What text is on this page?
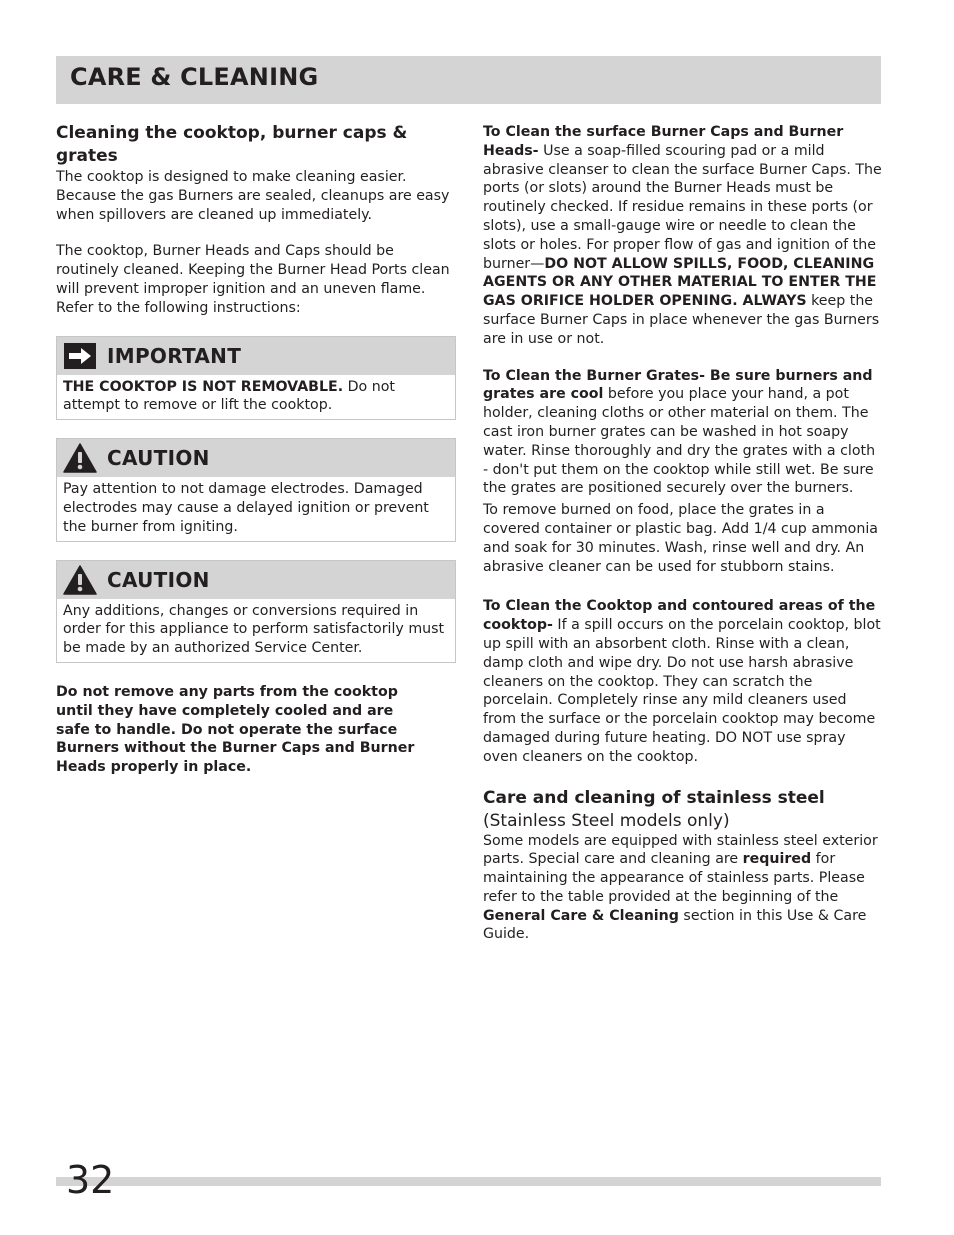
CARE & CLEANING
Cleaning the cooktop, burner caps & grates

The cooktop is designed to make cleaning easier. Because the gas Burners are sealed, cleanups are easy when spillovers are cleaned up immediately.

The cooktop, Burner Heads and Caps should be routinely cleaned. Keeping the Burner Head Ports clean will prevent improper ignition and an uneven flame. Refer to the following instructions:

IMPORTANT

THE COOKTOP IS NOT REMOVABLE. Do not attempt to remove or lift the cooktop.

CAUTION

Pay attention to not damage electrodes. Damaged electrodes may cause a delayed ignition or prevent the burner from igniting.

CAUTION

Any additions, changes or conversions required in order for this appliance to perform satisfactorily must be made by an authorized Service Center.

Do not remove any parts from the cooktop until they have completely cooled and are safe to handle. Do not operate the surface Burners without the Burner Caps and Burner Heads properly in place.

To Clean the surface Burner Caps and Burner Heads- Use a soap-filled scouring pad or a mild abrasive cleanser to clean the surface Burner Caps. The ports (or slots) around the Burner Heads must be routinely checked. If residue remains in these ports (or slots), use a small-gauge wire or needle to clean the slots or holes. For proper flow of gas and ignition of the burner—DO NOT ALLOW SPILLS, FOOD, CLEANING AGENTS OR ANY OTHER MATERIAL TO ENTER THE GAS ORIFICE HOLDER OPENING. ALWAYS keep the surface Burner Caps in place whenever the gas Burners are in use or not.

To Clean the Burner Grates- Be sure burners and grates are cool before you place your hand, a pot holder, cleaning cloths or other material on them. The cast iron burner grates can be washed in hot soapy water. Rinse thoroughly and dry the grates with a cloth - don't put them on the cooktop while still wet. Be sure the grates are positioned securely over the burners.

To remove burned on food, place the grates in a covered container or plastic bag. Add 1/4 cup ammonia and soak for 30 minutes. Wash, rinse well and dry. An abrasive cleaner can be used for stubborn stains.

To Clean the Cooktop and contoured areas of the cooktop- If a spill occurs on the porcelain cooktop, blot up spill with an absorbent cloth. Rinse with a clean, damp cloth and wipe dry. Do not use harsh abrasive cleaners on the cooktop. They can scratch the porcelain. Completely rinse any mild cleaners used from the surface or the porcelain cooktop may become damaged during future heating. DO NOT use spray oven cleaners on the cooktop.

Care and cleaning of stainless steel

(Stainless Steel models only)

Some models are equipped with stainless steel exterior parts. Special care and cleaning are required for maintaining the appearance of stainless parts. Please refer to the table provided at the beginning of the General Care & Cleaning section in this Use & Care Guide.

32
